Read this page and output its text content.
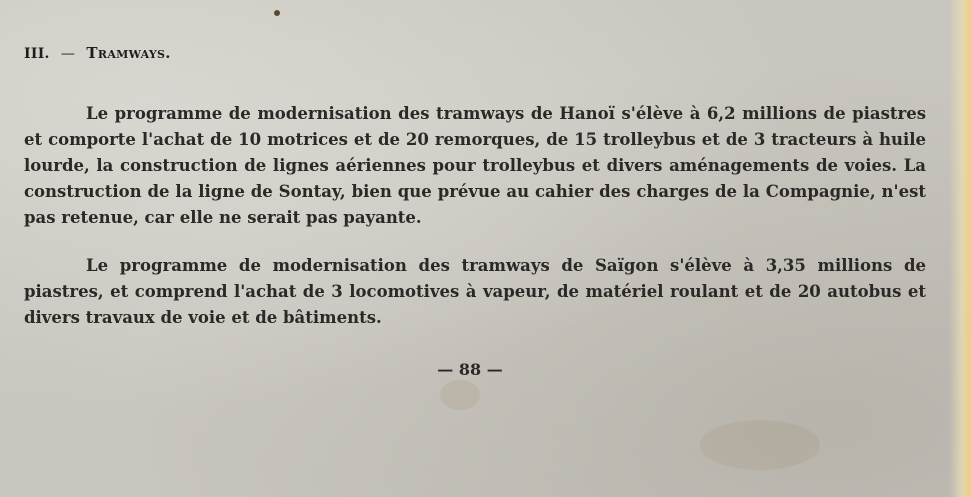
III. — Tramways.
Le programme de modernisation des tramways de Hanoï s'élève à 6,2 millions de piastres et comporte l'achat de 10 motrices et de 20 remorques, de 15 trolleybus et de 3 tracteurs à huile lourde, la construction de lignes aériennes pour trolleybus et divers aménagements de voies. La construction de la ligne de Sontay, bien que prévue au cahier des charges de la Compagnie, n'est pas retenue, car elle ne serait pas payante.
Le programme de modernisation des tramways de Saïgon s'élève à 3,35 millions de piastres, et comprend l'achat de 3 locomotives à vapeur, de matériel roulant et de 20 autobus et divers travaux de voie et de bâtiments.
— 88 —
